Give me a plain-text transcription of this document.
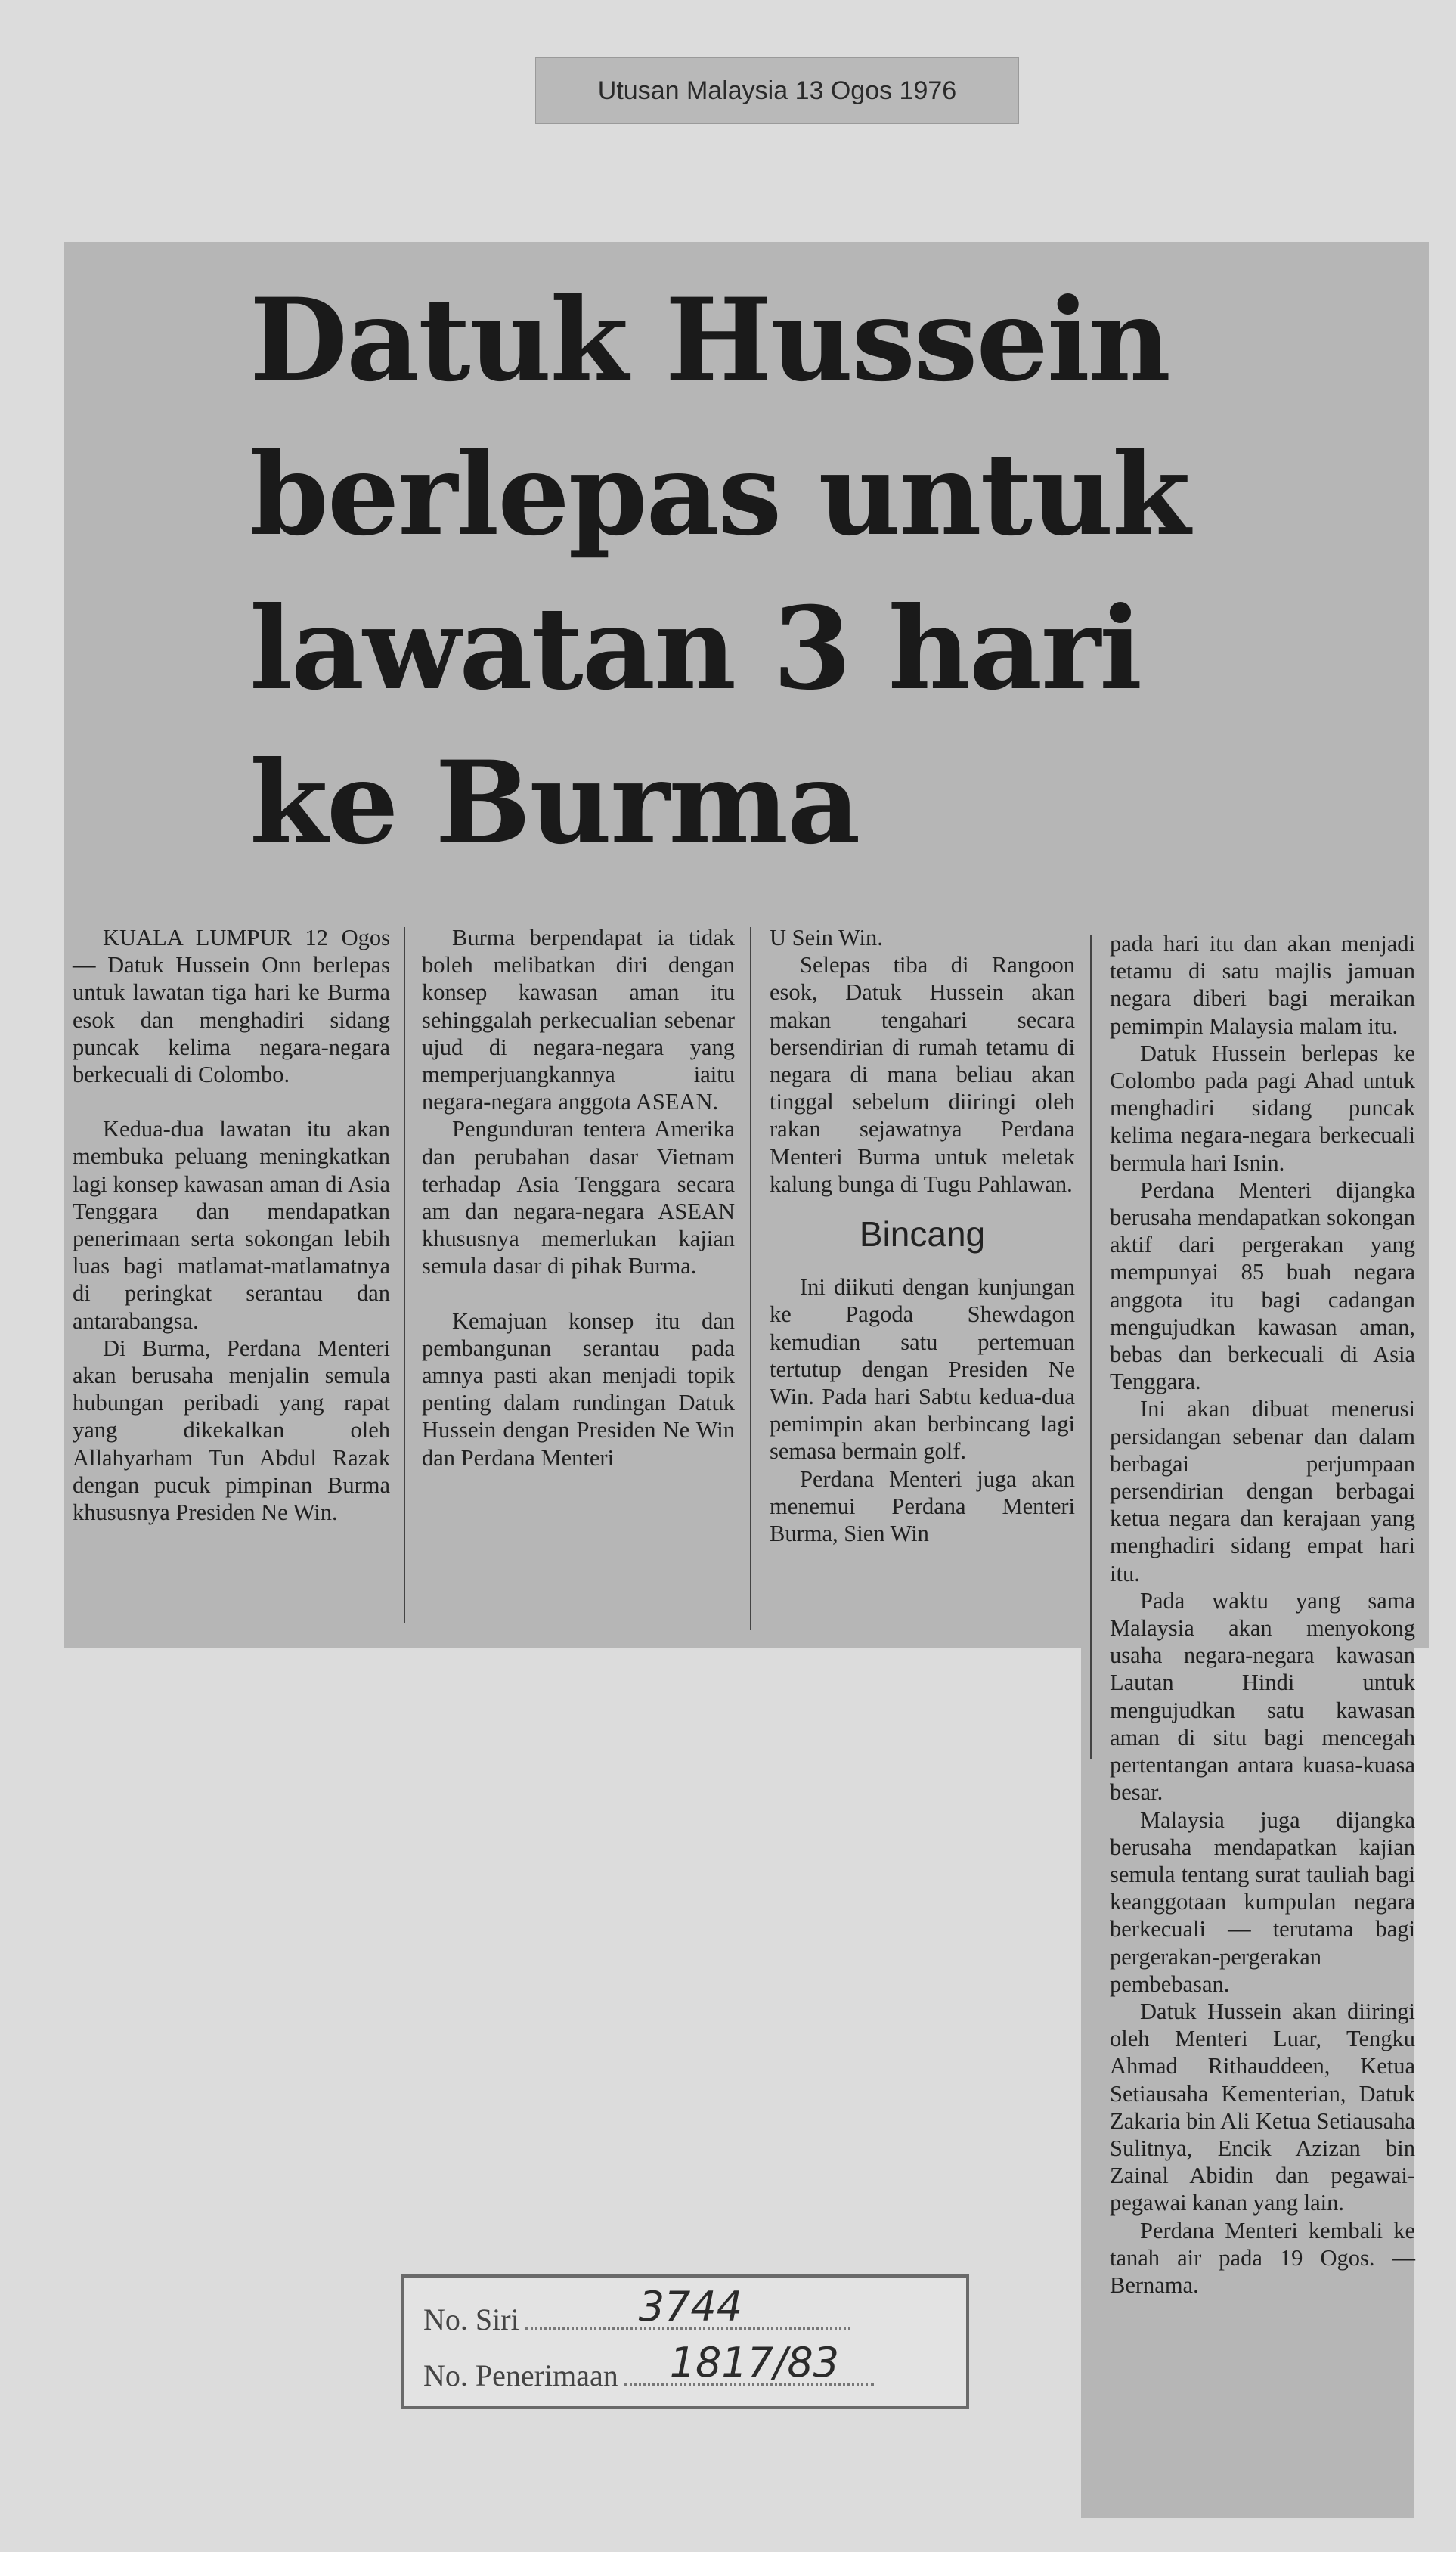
Utusan Malaysia 13 Ogos 1976
Datuk Hussein berlepas untuk lawatan 3 hari ke Burma

KUALA LUMPUR 12 Ogos — Datuk Hussein Onn berlepas untuk lawatan tiga hari ke Burma esok dan menghadiri sidang puncak kelima negara-negara berkecuali di Colombo.

Kedua-dua lawatan itu akan membuka peluang meningkatkan lagi konsep kawasan aman di Asia Tenggara dan mendapatkan penerimaan serta sokongan lebih luas bagi matlamat-matlamatnya di peringkat serantau dan antarabangsa.

Di Burma, Perdana Menteri akan berusaha menjalin semula hubungan peribadi yang rapat yang dikekalkan oleh Allahyarham Tun Abdul Razak dengan pucuk pimpinan Burma khususnya Presiden Ne Win.

Burma berpendapat ia tidak boleh melibatkan diri dengan konsep kawasan aman itu sehinggalah perkecualian sebenar ujud di negara-negara yang memperjuangkannya iaitu negara-negara anggota ASEAN.

Pengunduran tentera Amerika dan perubahan dasar Vietnam terhadap Asia Tenggara secara am dan negara-negara ASEAN khususnya memerlukan kajian semula dasar di pihak Burma.

Kemajuan konsep itu dan pembangunan serantau pada amnya pasti akan menjadi topik penting dalam rundingan Datuk Hussein dengan Presiden Ne Win dan Perdana Menteri

U Sein Win.

Selepas tiba di Rangoon esok, Datuk Hussein akan makan tengahari secara bersendirian di rumah tetamu di negara di mana beliau akan tinggal sebelum diiringi oleh rakan sejawatnya Perdana Menteri Burma untuk meletak kalung bunga di Tugu Pahlawan.

Bincang

Ini diikuti dengan kunjungan ke Pagoda Shewdagon kemudian satu pertemuan tertutup dengan Presiden Ne Win. Pada hari Sabtu kedua-dua pemimpin akan berbincang lagi semasa bermain golf.

Perdana Menteri juga akan menemui Perdana Menteri Burma, Sien Win

pada hari itu dan akan menjadi tetamu di satu majlis jamuan negara diberi bagi meraikan pemimpin Malaysia malam itu.

Datuk Hussein berlepas ke Colombo pada pagi Ahad untuk menghadiri sidang puncak kelima negara-negara berkecuali bermula hari Isnin.

Perdana Menteri dijangka berusaha mendapatkan sokongan aktif dari pergerakan yang mempunyai 85 buah negara anggota itu bagi cadangan mengujudkan kawasan aman, bebas dan berkecuali di Asia Tenggara.

Ini akan dibuat menerusi persidangan sebenar dan dalam berbagai perjumpaan persendirian dengan berbagai ketua negara dan kerajaan yang menghadiri sidang empat hari itu.

Pada waktu yang sama Malaysia akan menyokong usaha negara-negara kawasan Lautan Hindi untuk mengujudkan satu kawasan aman di situ bagi mencegah pertentangan antara kuasa-kuasa besar.

Malaysia juga dijangka berusaha mendapatkan kajian semula tentang surat tauliah bagi keanggotaan kumpulan negara berkecuali — terutama bagi pergerakan-pergerakan pembebasan.

Datuk Hussein akan diiringi oleh Menteri Luar, Tengku Ahmad Rithauddeen, Ketua Setiausaha Kementerian, Datuk Zakaria bin Ali Ketua Setiausaha Sulitnya, Encik Azizan bin Zainal Abidin dan pegawai-pegawai kanan yang lain.

Perdana Menteri kembali ke tanah air pada 19 Ogos. — Bernama.

No. Siri	3744
No. Penerimaan 1817/83
